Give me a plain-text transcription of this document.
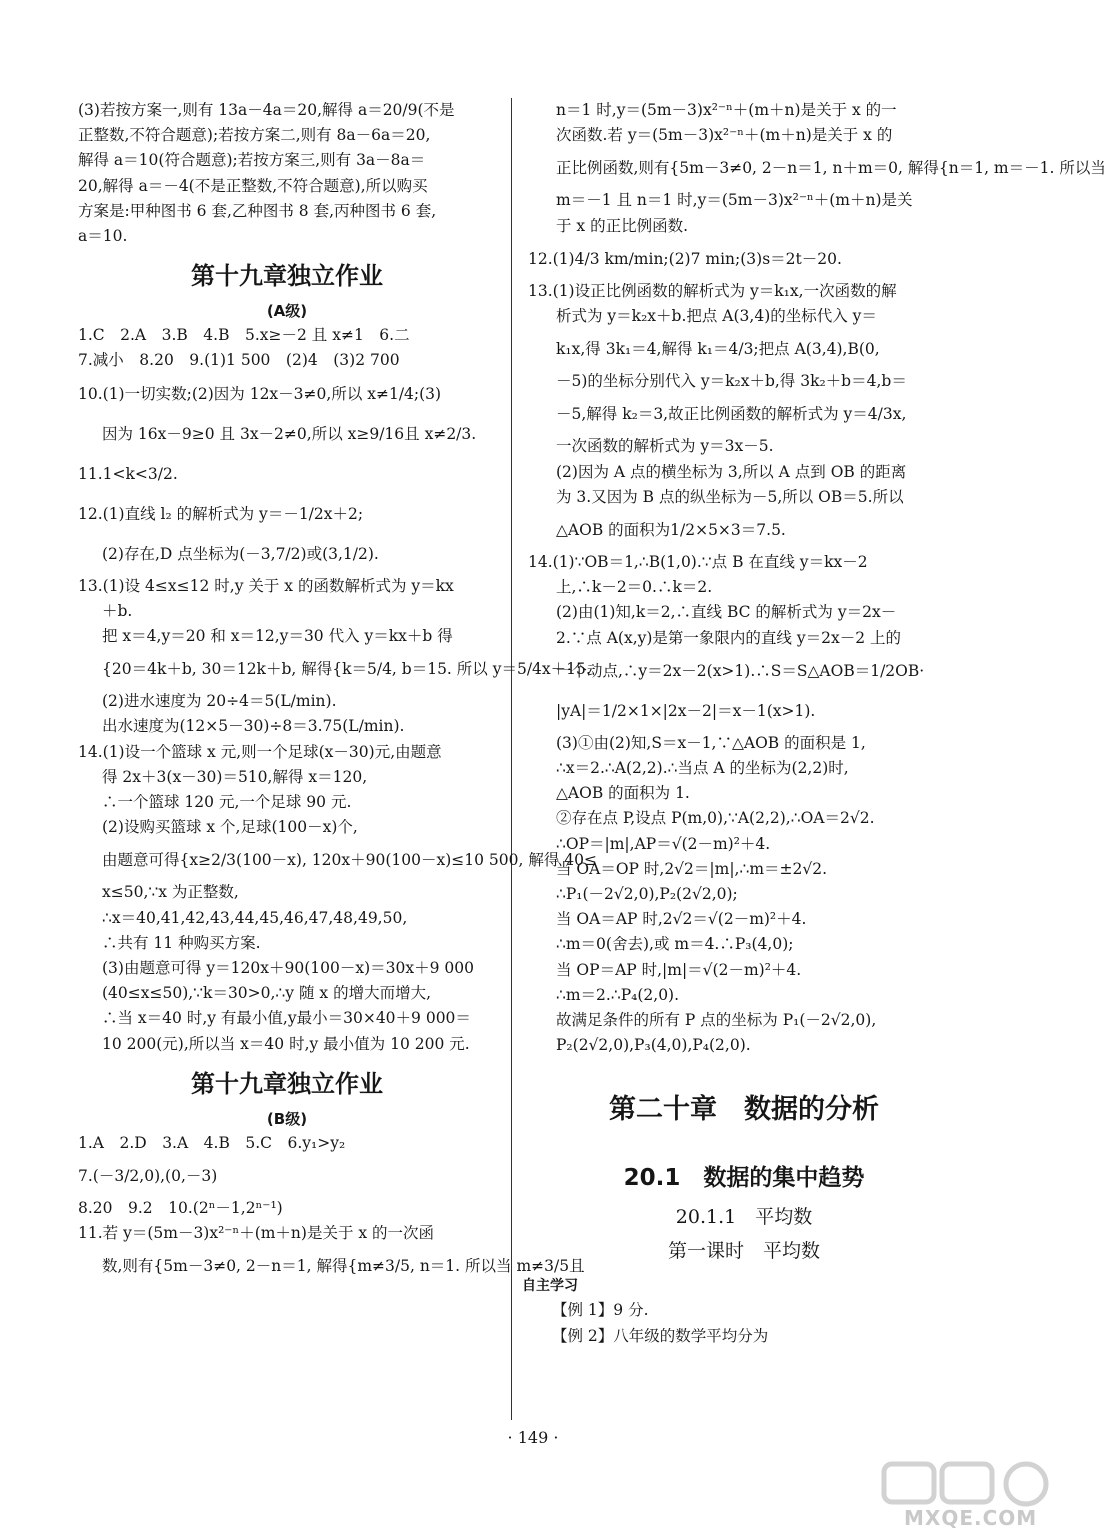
(3)若按方案一,则有 13a－4a＝20,解得 a＝20/9(不是
正整数,不符合题意);若按方案二,则有 8a－6a＝20,
解得 a＝10(符合题意);若按方案三,则有 3a－8a＝
20,解得 a＝－4(不是正整数,不符合题意),所以购买
方案是:甲种图书 6 套,乙种图书 8 套,丙种图书 6 套,
a＝10.
第十九章独立作业
(A级)
1.C　2.A　3.B　4.B　5.x≥－2 且 x≠1　6.二
7.减小　8.20　9.(1)1 500　(2)4　(3)2 700
10.(1)一切实数;(2)因为 12x－3≠0,所以 x≠1/4;(3)
因为 16x－9≥0 且 3x－2≠0,所以 x≥9/16且 x≠2/3.
11.1<k<3/2.
12.(1)直线 l₂ 的解析式为 y＝－1/2x＋2;
(2)存在,D 点坐标为(－3,7/2)或(3,1/2).
13.(1)设 4≤x≤12 时,y 关于 x 的函数解析式为 y＝kx
＋b.
把 x＝4,y＝20 和 x＝12,y＝30 代入 y＝kx＋b 得
{20＝4k＋b, 30＝12k＋b, 解得{k＝5/4, b＝15. 所以 y＝5/4x＋15.
(2)进水速度为 20÷4＝5(L/min).
出水速度为(12×5－30)÷8＝3.75(L/min).
14.(1)设一个篮球 x 元,则一个足球(x－30)元,由题意
得 2x＋3(x－30)＝510,解得 x＝120,
∴一个篮球 120 元,一个足球 90 元.
(2)设购买篮球 x 个,足球(100－x)个,
由题意可得{x≥2/3(100－x), 120x＋90(100－x)≤10 500, 解得 40≤
x≤50,∵x 为正整数,
∴x＝40,41,42,43,44,45,46,47,48,49,50,
∴共有 11 种购买方案.
(3)由题意可得 y＝120x＋90(100－x)＝30x＋9 000
(40≤x≤50),∵k＝30>0,∴y 随 x 的增大而增大,
∴当 x＝40 时,y 有最小值,y最小＝30×40＋9 000＝
10 200(元),所以当 x＝40 时,y 最小值为 10 200 元.
第十九章独立作业
(B级)
1.A　2.D　3.A　4.B　5.C　6.y₁>y₂
7.(－3/2,0),(0,－3)
8.20　9.2　10.(2ⁿ－1,2ⁿ⁻¹)
11.若 y＝(5m－3)x²⁻ⁿ＋(m＋n)是关于 x 的一次函
数,则有{5m－3≠0, 2－n＝1, 解得{m≠3/5, n＝1. 所以当 m≠3/5且
n＝1 时,y＝(5m－3)x²⁻ⁿ＋(m＋n)是关于 x 的一
次函数.若 y＝(5m－3)x²⁻ⁿ＋(m＋n)是关于 x 的
正比例函数,则有{5m－3≠0, 2－n＝1, n＋m＝0, 解得{n＝1, m＝－1. 所以当
m＝－1 且 n＝1 时,y＝(5m－3)x²⁻ⁿ＋(m＋n)是关
于 x 的正比例函数.
12.(1)4/3 km/min;(2)7 min;(3)s＝2t－20.
13.(1)设正比例函数的解析式为 y＝k₁x,一次函数的解
析式为 y＝k₂x＋b.把点 A(3,4)的坐标代入 y＝
k₁x,得 3k₁＝4,解得 k₁＝4/3;把点 A(3,4),B(0,
－5)的坐标分别代入 y＝k₂x＋b,得 3k₂＋b＝4,b＝
－5,解得 k₂＝3,故正比例函数的解析式为 y＝4/3x,
一次函数的解析式为 y＝3x－5.
(2)因为 A 点的横坐标为 3,所以 A 点到 OB 的距离
为 3.又因为 B 点的纵坐标为－5,所以 OB＝5.所以
△AOB 的面积为1/2×5×3＝7.5.
14.(1)∵OB＝1,∴B(1,0).∵点 B 在直线 y＝kx－2
上,∴k－2＝0.∴k＝2.
(2)由(1)知,k＝2,∴直线 BC 的解析式为 y＝2x－
2.∵点 A(x,y)是第一象限内的直线 y＝2x－2 上的
一个动点,∴y＝2x－2(x>1).∴S＝S△AOB＝1/2OB·
|yA|＝1/2×1×|2x－2|＝x－1(x>1).
(3)①由(2)知,S＝x－1,∵△AOB 的面积是 1,
∴x＝2.∴A(2,2).∴当点 A 的坐标为(2,2)时,
△AOB 的面积为 1.
②存在点 P,设点 P(m,0),∵A(2,2),∴OA＝2√2.
∴OP＝|m|,AP＝√(2－m)²＋4.
当 OA＝OP 时,2√2＝|m|,∴m＝±2√2.
∴P₁(－2√2,0),P₂(2√2,0);
当 OA＝AP 时,2√2＝√(2－m)²＋4.
∴m＝0(舍去),或 m＝4.∴P₃(4,0);
当 OP＝AP 时,|m|＝√(2－m)²＋4.
∴m＝2.∴P₄(2,0).
故满足条件的所有 P 点的坐标为 P₁(－2√2,0),
P₂(2√2,0),P₃(4,0),P₄(2,0).
第二十章　数据的分析
20.1　数据的集中趋势
20.1.1　平均数
第一课时　平均数
自主学习
【例 1】9 分.
【例 2】八年级的数学平均分为
· 149 ·
MXQE.COM
